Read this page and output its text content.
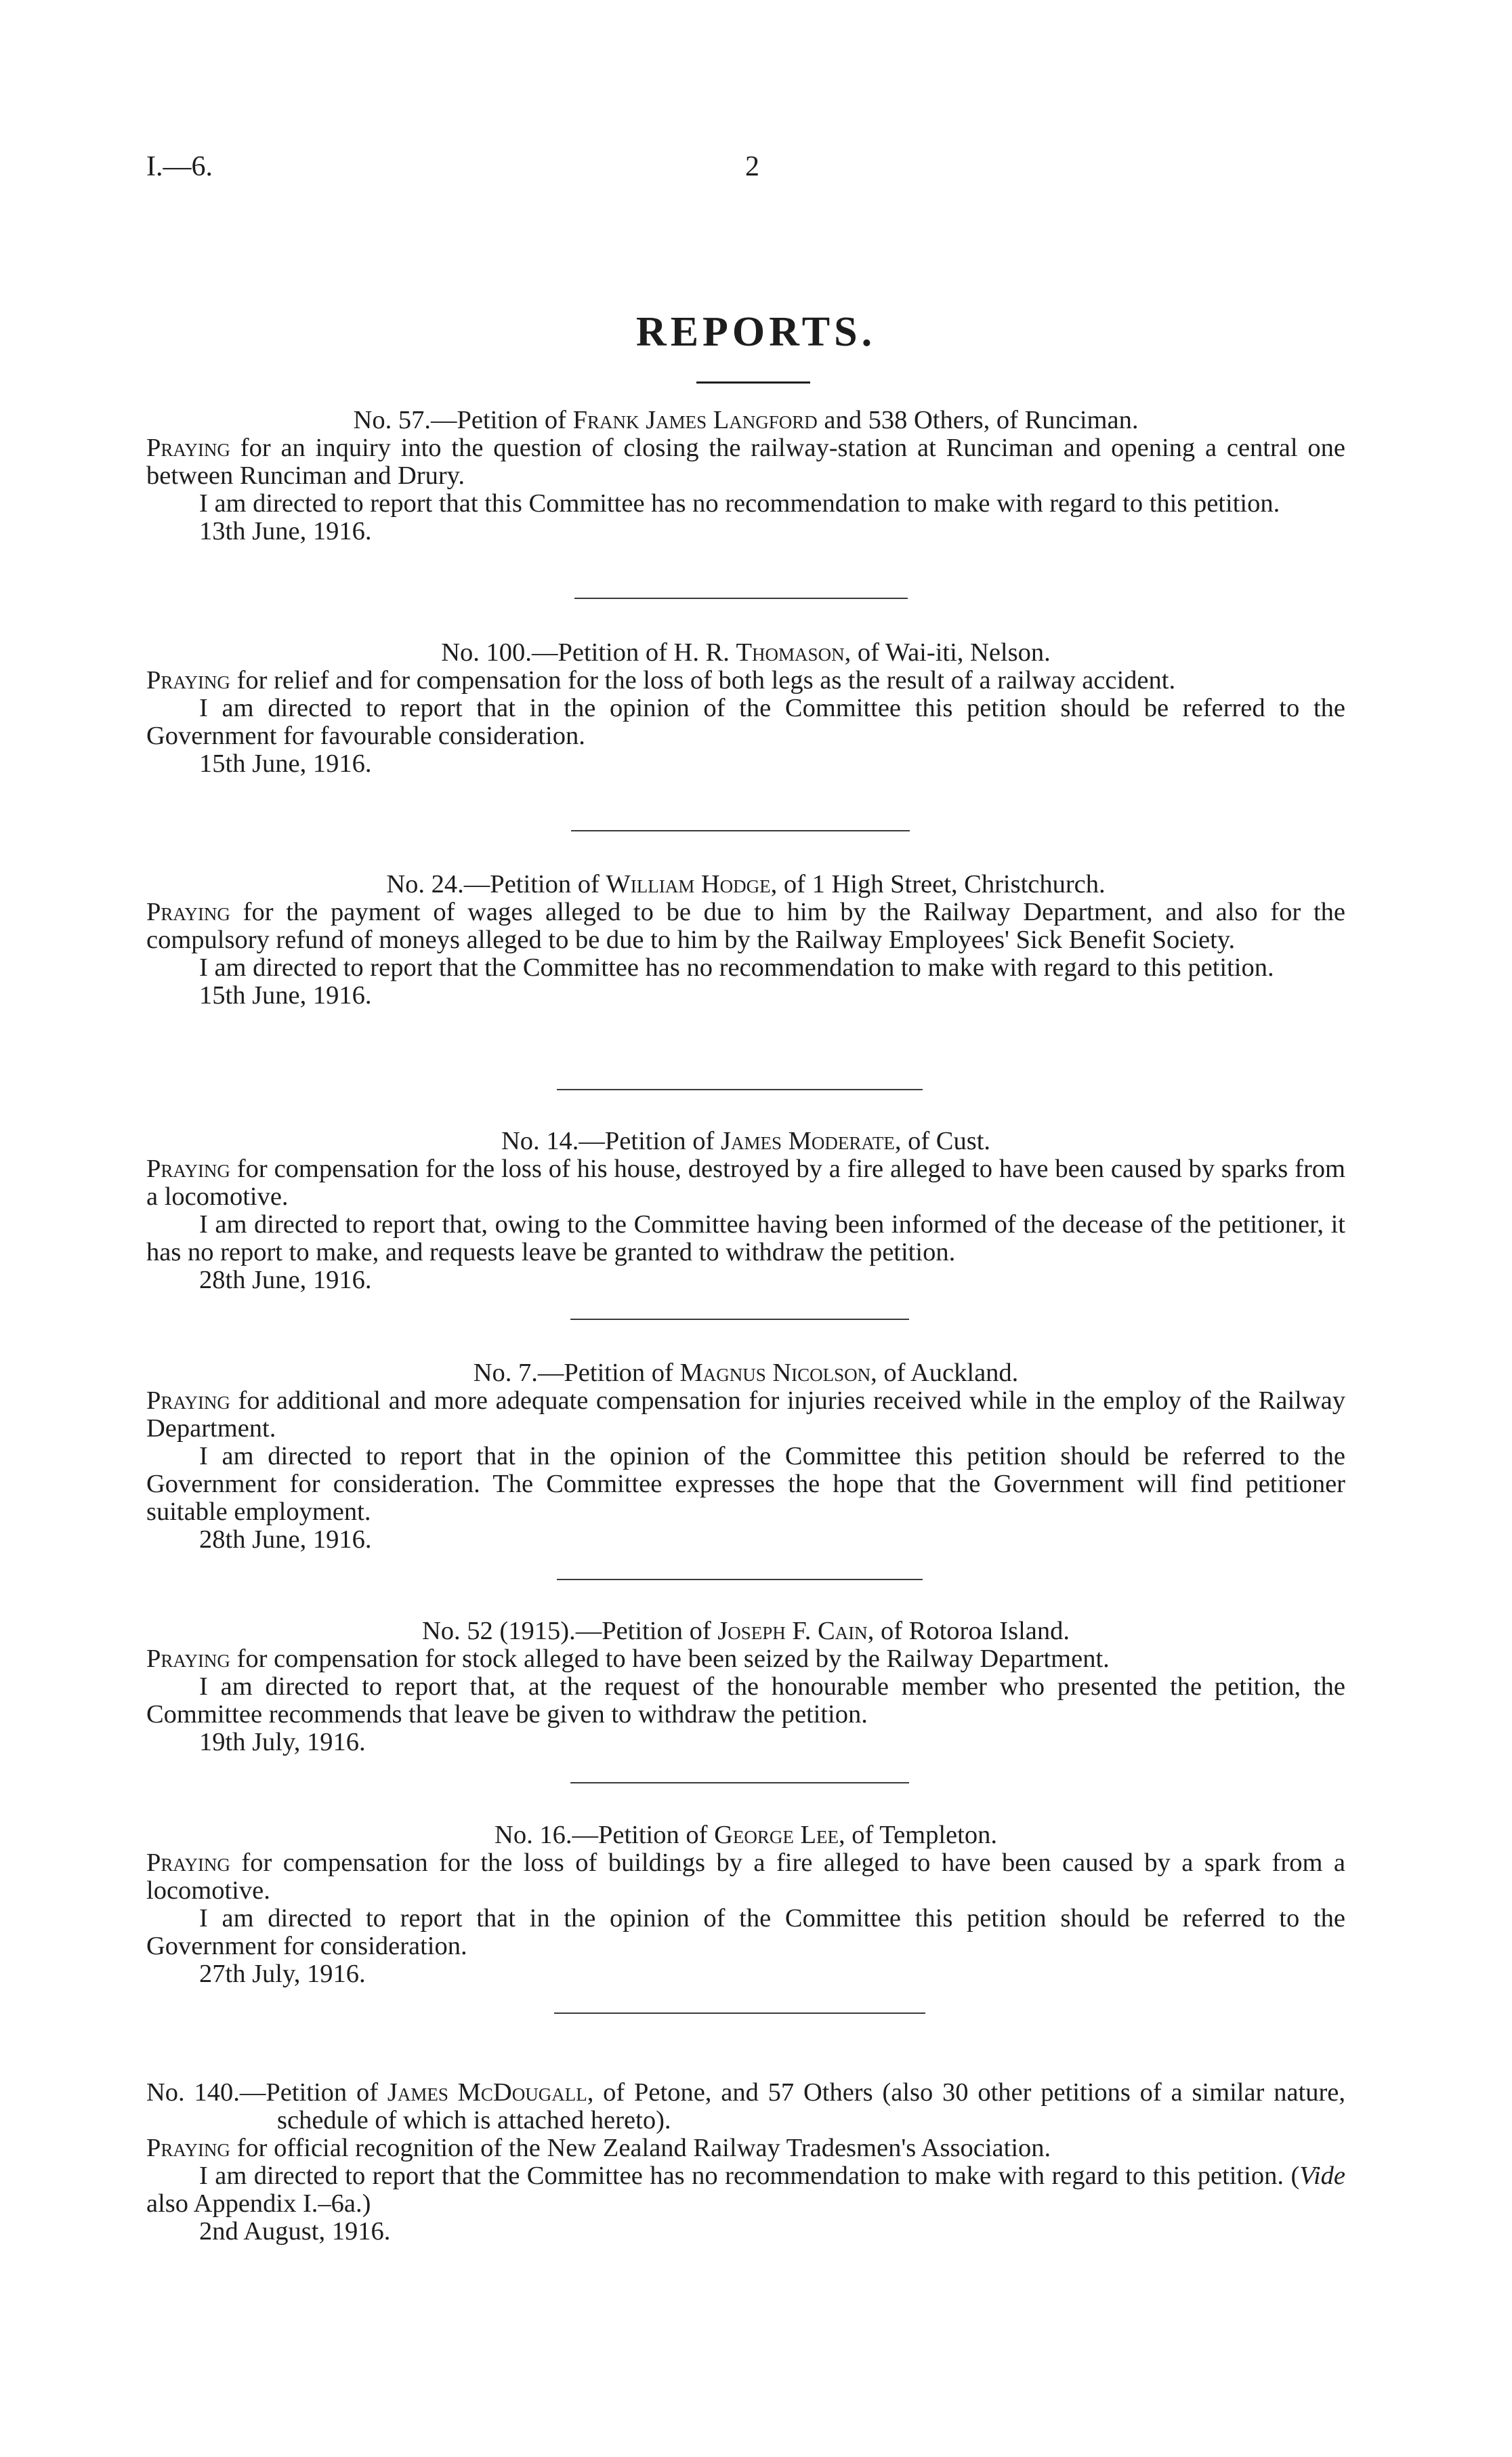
I.—6.	2
REPORTS.

No. 57.—Petition of Frank James Langford and 538 Others, of Runciman.

Praying for an inquiry into the question of closing the railway-station at Runciman and opening a central one between Runciman and Drury.

I am directed to report that this Committee has no recommendation to make with regard to this petition.

13th June, 1916.

No. 100.—Petition of H. R. Thomason, of Wai-iti, Nelson.

Praying for relief and for compensation for the loss of both legs as the result of a railway accident.

I am directed to report that in the opinion of the Committee this petition should be referred to the Government for favourable consideration.

15th June, 1916.

No. 24.—Petition of William Hodge, of 1 High Street, Christchurch.

Praying for the payment of wages alleged to be due to him by the Railway Department, and also for the compulsory refund of moneys alleged to be due to him by the Railway Employees' Sick Benefit Society.

I am directed to report that the Committee has no recommendation to make with regard to this petition.

15th June, 1916.

No. 14.—Petition of James Moderate, of Cust.

Praying for compensation for the loss of his house, destroyed by a fire alleged to have been caused by sparks from a locomotive.

I am directed to report that, owing to the Committee having been informed of the decease of the petitioner, it has no report to make, and requests leave be granted to withdraw the petition.

28th June, 1916.

No. 7.—Petition of Magnus Nicolson, of Auckland.

Praying for additional and more adequate compensation for injuries received while in the employ of the Railway Department.

I am directed to report that in the opinion of the Committee this petition should be referred to the Government for consideration. The Committee expresses the hope that the Government will find petitioner suitable employment.

28th June, 1916.

No. 52 (1915).—Petition of Joseph F. Cain, of Rotoroa Island.

Praying for compensation for stock alleged to have been seized by the Railway Department.

I am directed to report that, at the request of the honourable member who presented the petition, the Committee recommends that leave be given to withdraw the petition.

19th July, 1916.

No. 16.—Petition of George Lee, of Templeton.

Praying for compensation for the loss of buildings by a fire alleged to have been caused by a spark from a locomotive.

I am directed to report that in the opinion of the Committee this petition should be referred to the Government for consideration.

27th July, 1916.

No. 140.—Petition of James McDougall, of Petone, and 57 Others (also 30 other petitions of a similar nature, schedule of which is attached hereto).

Praying for official recognition of the New Zealand Railway Tradesmen's Association.

I am directed to report that the Committee has no recommendation to make with regard to this petition. (Vide also Appendix I.–6a.)

2nd August, 1916.
